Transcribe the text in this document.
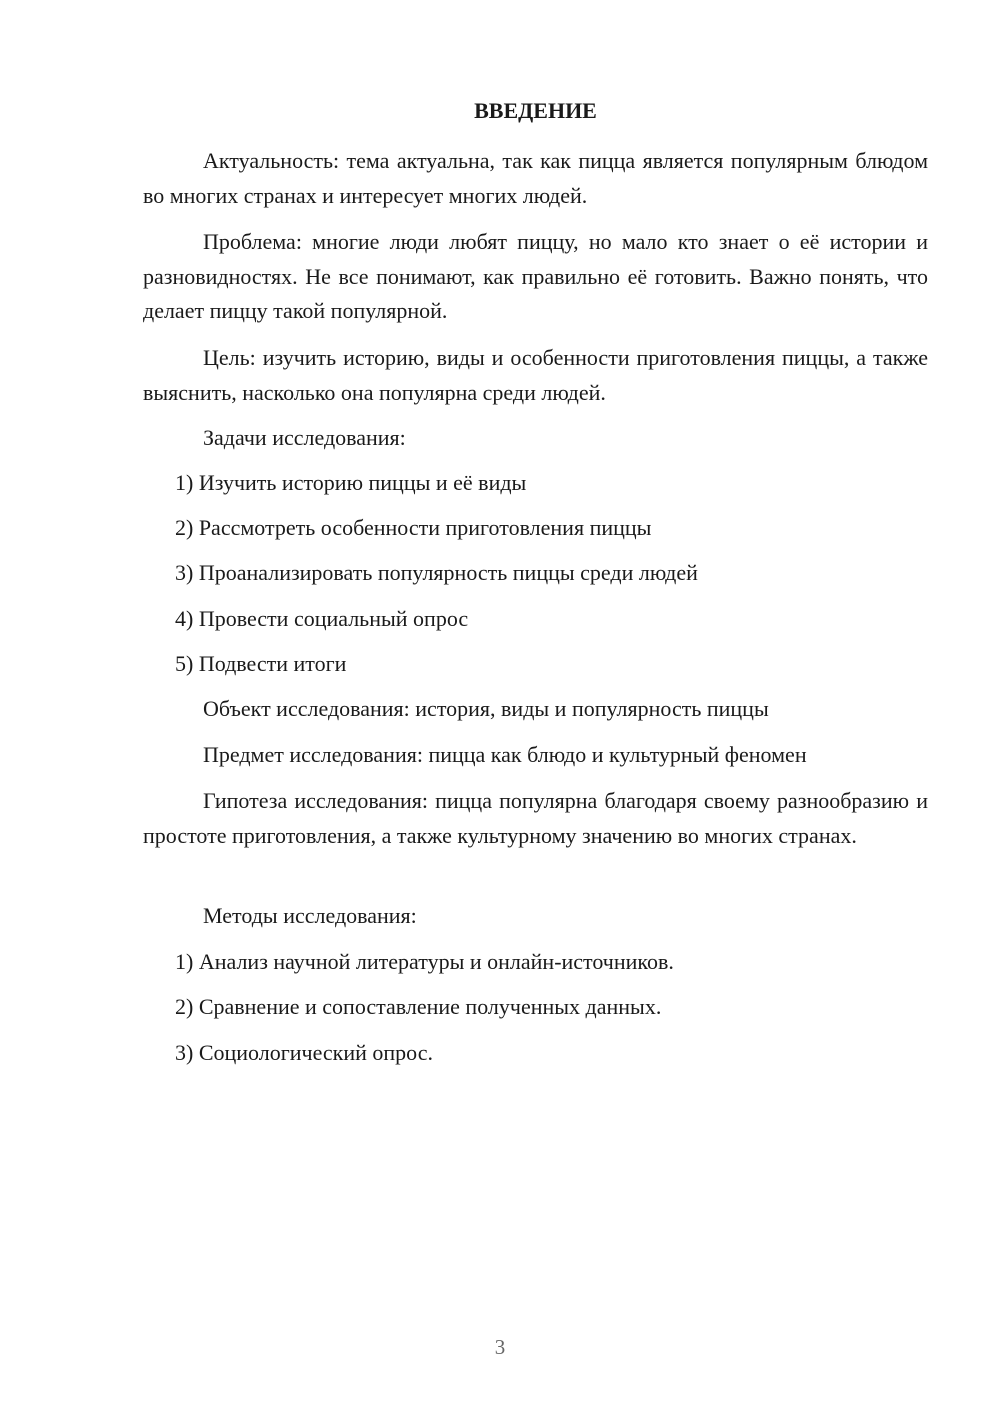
ВВЕДЕНИЕ

Актуальность: тема актуальна, так как пицца является популярным блюдом во многих странах и интересует многих людей.

Проблема: многие люди любят пиццу, но мало кто знает о её истории и разновидностях. Не все понимают, как правильно её готовить. Важно понять, что делает пиццу такой популярной.

Цель: изучить историю, виды и особенности приготовления пиццы, а также выяснить, насколько она популярна среди людей.

Задачи исследования:

1) Изучить историю пиццы и её виды

2) Рассмотреть особенности приготовления пиццы

3) Проанализировать популярность пиццы среди людей

4) Провести социальный опрос

5) Подвести итоги

Объект исследования: история, виды и популярность пиццы

Предмет исследования: пицца как блюдо и культурный феномен

Гипотеза исследования: пицца популярна благодаря своему разнообразию и простоте приготовления, а также культурному значению во многих странах.

Методы исследования:

1) Анализ научной литературы и онлайн-источников.

2) Сравнение и сопоставление полученных данных.

3) Социологический опрос.

3
